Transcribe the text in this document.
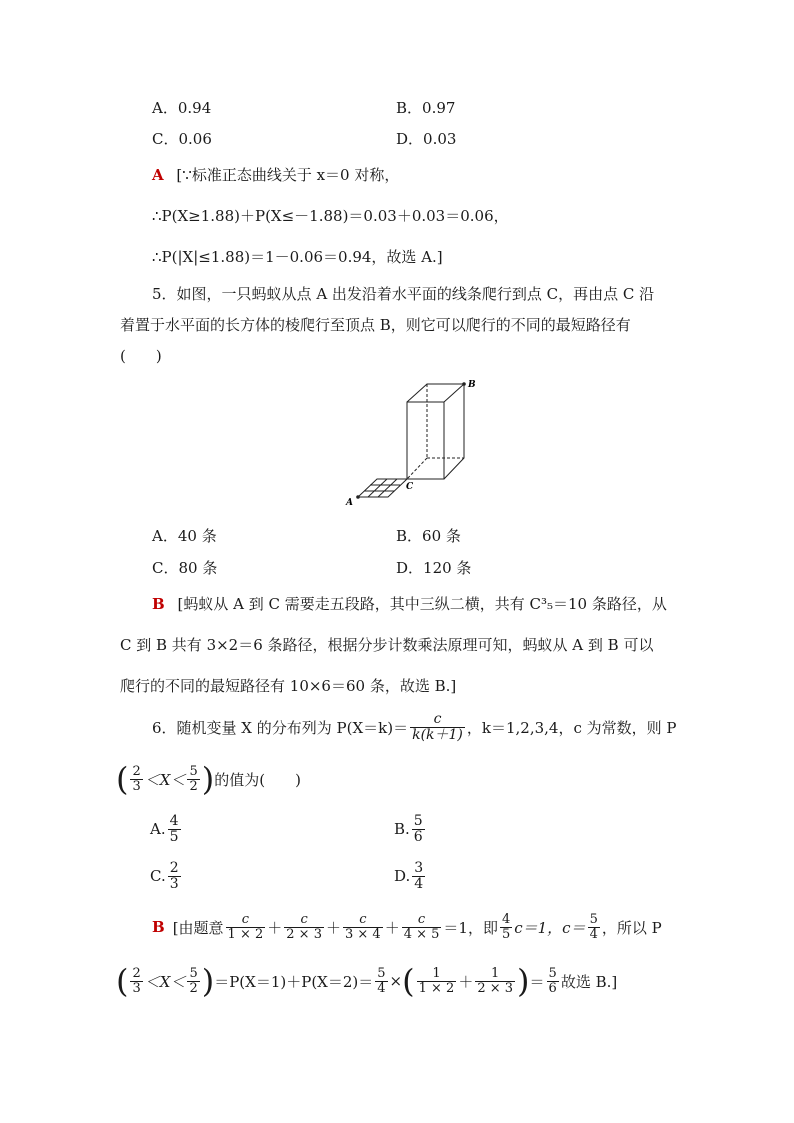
A．0.94	B．0.97
C．0.06	D．0.03
A [∵标准正态曲线关于 x＝0 对称，
∴P(X≥1.88)＋P(X≤－1.88)＝0.03＋0.03＝0.06，
∴P(|X|≤1.88)＝1－0.06＝0.94，故选 A.]
5．如图，一只蚂蚁从点 A 出发沿着水平面的线条爬行到点 C，再由点 C 沿
着置于水平面的长方体的棱爬行至顶点 B，则它可以爬行的不同的最短路径有
(　　)
A
B
C
A．40 条	B．60 条
C．80 条	D．120 条
B [蚂蚁从 A 到 C 需要走五段路，其中三纵二横，共有 C³₅＝10 条路径，从
C 到 B 共有 3×2＝6 条路径，根据分步计数乘法原理可知，蚂蚁从 A 到 B 可以
爬行的不同的最短路径有 10×6＝60 条，故选 B.]
6．随机变量 X 的分布列为 $P(X=k)= \frac{c}{k(k+1)}$ ，k＝1,2,3,4，c 为常数，则 P
( $\frac{2}{3} <X< \frac{5}{2}$ ) 的值为(　　)
A. $\frac{4}{5}$	B. $\frac{5}{6}$
C. $\frac{2}{3}$	D. $\frac{3}{4}$
B [由题意 $\frac{c}{1 \times 2} + \frac{c}{2 \times 3} + \frac{c}{3 \times 4} + \frac{c}{4 \times 5} =1$，即 $\frac{4}{5} c=1$，$c= \frac{5}{4}$ ，所以 P
( $\frac{2}{3} <X< \frac{5}{2}$ ) $=P(X=1)+P(X=2)= \frac{5}{4}$ × ( $\frac{1}{1 \times 2} + \frac{1}{2 \times 3}$ ) ＝ $\frac{5}{6}$ 故选 B.]
